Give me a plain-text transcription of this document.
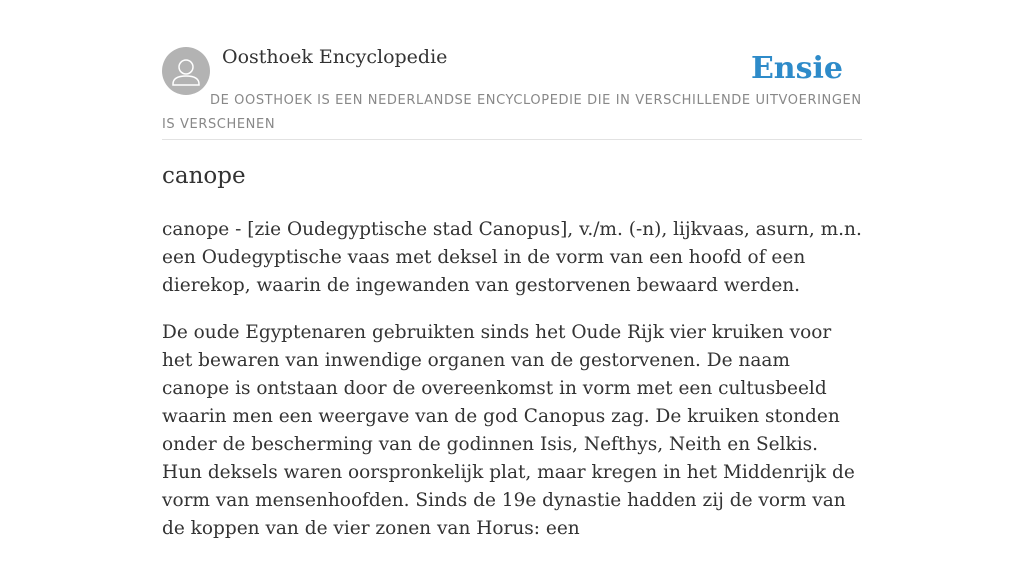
Oosthoek Encyclopedie	Ensie
DE OOSTHOEK IS EEN NEDERLANDSE ENCYCLOPEDIE DIE IN VERSCHILLENDE UITVOERINGEN IS VERSCHENEN
canope

canope - [zie Oudegyptische stad Canopus], v./m. (-n), lijkvaas, asurn, m.n. een Oudegyptische vaas met deksel in de vorm van een hoofd of een dierekop, waarin de ingewanden van gestorvenen bewaard werden.

De oude Egyptenaren gebruikten sinds het Oude Rijk vier kruiken voor het bewaren van inwendige organen van de gestorvenen. De naam canope is ontstaan door de overeenkomst in vorm met een cultusbeeld waarin men een weergave van de god Canopus zag. De kruiken stonden onder de bescherming van de godinnen Isis, Nefthys, Neith en Selkis. Hun deksels waren oorspronkelijk plat, maar kregen in het Middenrijk de vorm van mensenhoofden. Sinds de 19e dynastie hadden zij de vorm van de koppen van de vier zonen van Horus: een
